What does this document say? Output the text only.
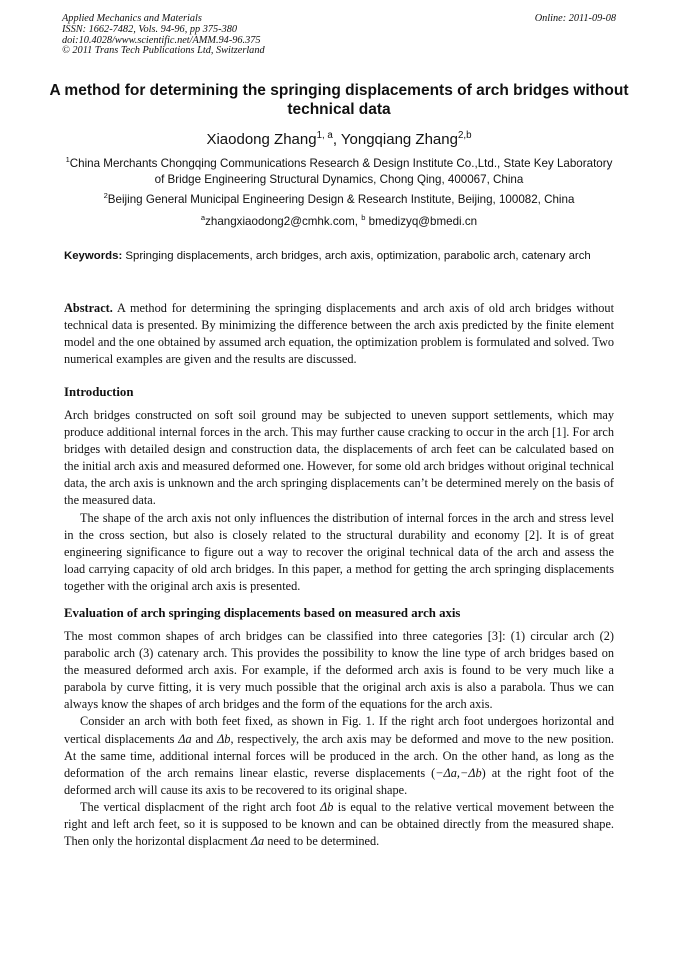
Applied Mechanics and Materials
ISSN: 1662-7482, Vols. 94-96, pp 375-380
doi:10.4028/www.scientific.net/AMM.94-96.375
© 2011 Trans Tech Publications Ltd, Switzerland
Online: 2011-09-08
A method for determining the springing displacements of arch bridges without technical data
Xiaodong Zhang$^{1, a}$, Yongqiang Zhang$^{2,b}$
$^1$China Merchants Chongqing Communications Research & Design Institute Co.,Ltd., State Key Laboratory of Bridge Engineering Structural Dynamics, Chong Qing, 400067, China
$^2$Beijing General Municipal Engineering Design & Research Institute, Beijing, 100082, China
$^a$zhangxiaodong2@cmhk.com, $^b$ bmedizyq@bmedi.cn
Keywords: Springing displacements, arch bridges, arch axis, optimization, parabolic arch, catenary arch
Abstract. A method for determining the springing displacements and arch axis of old arch bridges without technical data is presented. By minimizing the difference between the arch axis predicted by the finite element model and the one obtained by assumed arch equation, the optimization problem is formulated and solved. Two numerical examples are given and the results are discussed.
Introduction
Arch bridges constructed on soft soil ground may be subjected to uneven support settlements, which may produce additional internal forces in the arch. This may further cause cracking to occur in the arch [1]. For arch bridges with detailed design and construction data, the displacements of arch feet can be calculated based on the initial arch axis and measured deformed one. However, for some old arch bridges without original technical data, the arch axis is unknown and the arch springing displacements can’t be determined merely on the basis of the measured data.
The shape of the arch axis not only influences the distribution of internal forces in the arch and stress level in the cross section, but also is closely related to the structural durability and economy [2]. It is of great engineering significance to figure out a way to recover the original technical data of the arch and assess the load carrying capacity of old arch bridges. In this paper, a method for getting the arch springing displacements together with the original arch axis is presented.
Evaluation of arch springing displacements based on measured arch axis
The most common shapes of arch bridges can be classified into three categories [3]: (1) circular arch (2) parabolic arch (3) catenary arch. This provides the possibility to know the line type of arch bridges based on the measured deformed arch axis. For example, if the deformed arch axis is found to be very much like a parabola by curve fitting, it is very much possible that the original arch axis is also a parabola. Thus we can always know the shapes of arch bridges and the form of the equations for the arch axis.
Consider an arch with both feet fixed, as shown in Fig. 1. If the right arch foot undergoes horizontal and vertical displacements Δa and Δb, respectively, the arch axis may be deformed and move to the new position. At the same time, additional internal forces will be produced in the arch. On the other hand, as long as the deformation of the arch remains linear elastic, reverse displacements (−Δa,−Δb) at the right foot of the deformed arch will cause its axis to be recovered to its original shape.
The vertical displacment of the right arch foot Δb is equal to the relative vertical movement between the right and left arch feet, so it is supposed to be known and can be obtained directly from the measured shape. Then only the horizontal displacment Δa need to be determined.
